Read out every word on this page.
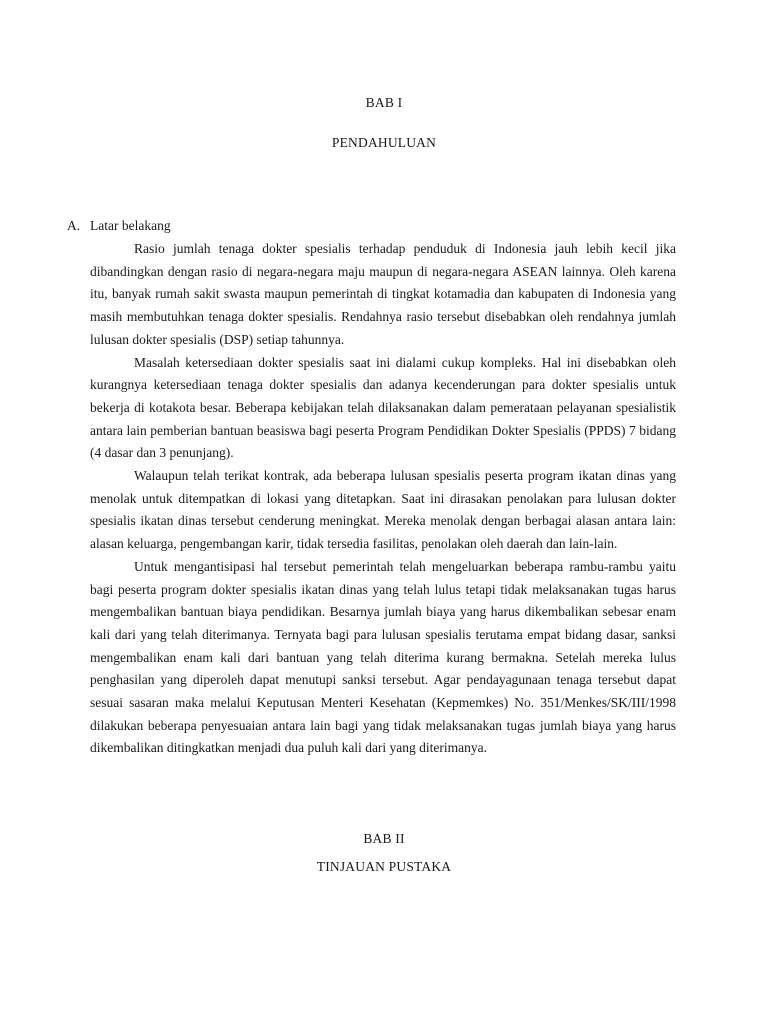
BAB I
PENDAHULUAN
A. Latar belakang

Rasio jumlah tenaga dokter spesialis terhadap penduduk di Indonesia jauh lebih kecil jika dibandingkan dengan rasio di negara-negara maju maupun di negara-negara ASEAN lainnya. Oleh karena itu, banyak rumah sakit swasta maupun pemerintah di tingkat kotamadia dan kabupaten di Indonesia yang masih membutuhkan tenaga dokter spesialis. Rendahnya rasio tersebut disebabkan oleh rendahnya jumlah lulusan dokter spesialis (DSP) setiap tahunnya.

Masalah ketersediaan dokter spesialis saat ini dialami cukup kompleks. Hal ini disebabkan oleh kurangnya ketersediaan tenaga dokter spesialis dan adanya kecenderungan para dokter spesialis untuk bekerja di kotakota besar. Beberapa kebijakan telah dilaksanakan dalam pemerataan pelayanan spesialistik antara lain pemberian bantuan beasiswa bagi peserta Program Pendidikan Dokter Spesialis (PPDS) 7 bidang (4 dasar dan 3 penunjang).

Walaupun telah terikat kontrak, ada beberapa lulusan spesialis peserta program ikatan dinas yang menolak untuk ditempatkan di lokasi yang ditetapkan. Saat ini dirasakan penolakan para lulusan dokter spesialis ikatan dinas tersebut cenderung meningkat. Mereka menolak dengan berbagai alasan antara lain: alasan keluarga, pengembangan karir, tidak tersedia fasilitas, penolakan oleh daerah dan lain-lain.

Untuk mengantisipasi hal tersebut pemerintah telah mengeluarkan beberapa rambu-rambu yaitu bagi peserta program dokter spesialis ikatan dinas yang telah lulus tetapi tidak melaksanakan tugas harus mengembalikan bantuan biaya pendidikan. Besarnya jumlah biaya yang harus dikembalikan sebesar enam kali dari yang telah diterimanya. Ternyata bagi para lulusan spesialis terutama empat bidang dasar, sanksi mengembalikan enam kali dari bantuan yang telah diterima kurang bermakna. Setelah mereka lulus penghasilan yang diperoleh dapat menutupi sanksi tersebut. Agar pendayagunaan tenaga tersebut dapat sesuai sasaran maka melalui Keputusan Menteri Kesehatan (Kepmemkes) No. 351/Menkes/SK/III/1998 dilakukan beberapa penyesuaian antara lain bagi yang tidak melaksanakan tugas jumlah biaya yang harus dikembalikan ditingkatkan menjadi dua puluh kali dari yang diterimanya.

BAB II
TINJAUAN PUSTAKA
